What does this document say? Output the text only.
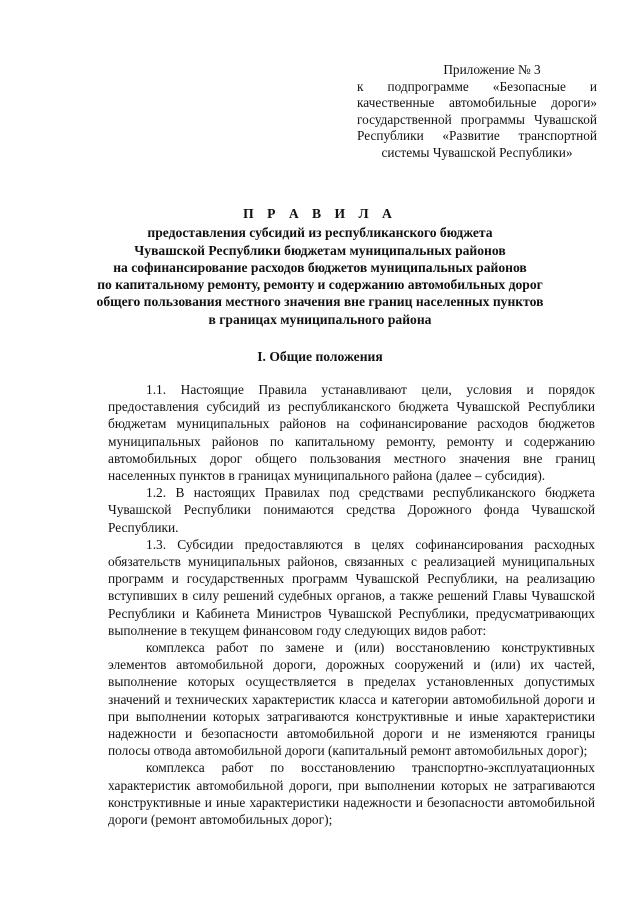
Приложение № 3
к подпрограмме «Безопасные и качественные автомобильные дороги» государственной программы Чувашской Республики «Развитие транспортной системы Чувашской Республики»
П Р А В И Л А
предоставления субсидий из республиканского бюджета
Чувашской Республики бюджетам муниципальных районов
на софинансирование расходов бюджетов муниципальных районов
по капитальному ремонту, ремонту и содержанию автомобильных дорог
общего пользования местного значения вне границ населенных пунктов
в границах муниципального района
I. Общие положения

1.1. Настоящие Правила устанавливают цели, условия и порядок предоставления субсидий из республиканского бюджета Чувашской Республики бюджетам муниципальных районов на софинансирование расходов бюджетов муниципальных районов по капитальному ремонту, ремонту и содержанию автомобильных дорог общего пользования местного значения вне границ населенных пунктов в границах муниципального района (далее – субсидия).

1.2. В настоящих Правилах под средствами республиканского бюджета Чувашской Республики понимаются средства Дорожного фонда Чувашской Республики.

1.3. Субсидии предоставляются в целях софинансирования расходных обязательств муниципальных районов, связанных с реализацией муниципальных программ и государственных программ Чувашской Республики, на реализацию вступивших в силу решений судебных органов, а также решений Главы Чувашской Республики и Кабинета Министров Чувашской Республики, предусматривающих выполнение в текущем финансовом году следующих видов работ:

комплекса работ по замене и (или) восстановлению конструктивных элементов автомобильной дороги, дорожных сооружений и (или) их частей, выполнение которых осуществляется в пределах установленных допустимых значений и технических характеристик класса и категории автомобильной дороги и при выполнении которых затрагиваются конструктивные и иные характеристики надежности и безопасности автомобильной дороги и не изменяются границы полосы отвода автомобильной дороги (капитальный ремонт автомобильных дорог);

комплекса работ по восстановлению транспортно-эксплуатационных характеристик автомобильной дороги, при выполнении которых не затрагиваются конструктивные и иные характеристики надежности и безопасности автомобильной дороги (ремонт автомобильных дорог);
